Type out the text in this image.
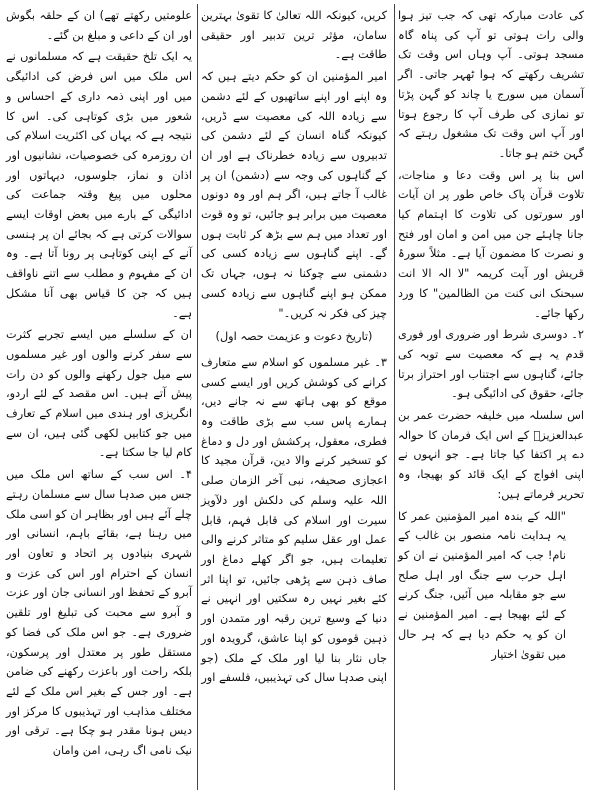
کی عادت مبارکہ تھی کہ جب تیز ہوا والی رات ہوتی تو آپ کی پناہ گاہ مسجد ہوتی۔ آپ وہاں اس وقت تک تشریف رکھتے کہ ہوا ٹھہر جاتی۔ اگر آسمان میں سورج یا چاند کو گہن پڑتا تو نمازی کی طرف آپ کا رجوع ہوتا اور آپ اس وقت تک مشغول رہتے کہ گہن ختم ہو جاتا۔

اس بنا پر اس وقت دعا و مناجات، تلاوت قرآن پاک خاص طور پر ان آیات اور سورتوں کی تلاوت کا اہتمام کیا جانا چاہئے جن میں امن و امان اور فتح و نصرت کا مضمون آیا ہے۔ مثلاً سورۂ قریش اور آیت کریمہ "لا الہ الا انت سبحنک انی کنت من الظالمین" کا ورد رکھا جائے۔

۲۔ دوسری شرط اور ضروری اور فوری قدم یہ ہے کہ معصیت سے توبہ کی جائے، گناہوں سے اجتناب اور احتراز برتا جائے، حقوق کی ادائیگی ہو۔

اس سلسلہ میں خلیفہ حضرت عمر بن عبدالعزیزؒ کے اس ایک فرمان کا حوالہ دے پر اکتفا کیا جاتا ہے۔ جو انہوں نے اپنی افواج کے ایک قائد کو بھیجا، وہ تحریر فرماتے ہیں:

"اللہ کے بندہ امیر المؤمنین عمر کا یہ ہدایت نامہ منصور بن غالب کے نام! جب کہ امیر المؤمنین نے ان کو اہل حرب سے جنگ اور اہل صلح سے جو مقابلہ میں آئیں، جنگ کرنے کے لئے بھیجا ہے۔ امیر المؤمنین نے ان کو یہ حکم دیا ہے کہ ہر حال میں تقویٰ اختیار

کریں، کیونکہ اللہ تعالیٰ کا تقویٰ بہترین سامان، مؤثر ترین تدبیر اور حقیقی طاقت ہے۔

امیر المؤمنین ان کو حکم دیتے ہیں کہ وہ اپنے اور اپنے ساتھیوں کے لئے دشمن سے زیادہ اللہ کی معصیت سے ڈریں، کیونکہ گناہ انسان کے لئے دشمن کی تدبیروں سے زیادہ خطرناک ہے اور ان کے گناہوں کی وجہ سے (دشمن) ان پر غالب آ جاتے ہیں، اگر ہم اور وہ دونوں معصیت میں برابر ہو جائیں، تو وہ قوت اور تعداد میں ہم سے بڑھ کر ثابت ہوں گے۔ اپنے گناہوں سے زیادہ کسی کی دشمنی سے چوکنا نہ ہوں، جہاں تک ممکن ہو اپنے گناہوں سے زیادہ کسی چیز کی فکر نہ کریں۔"

(تاریخ دعوت و عزیمت حصہ اول)

۳۔ غیر مسلموں کو اسلام سے متعارف کرانے کی کوشش کریں اور ایسے کسی موقع کو بھی ہاتھ سے نہ جانے دیں، ہمارے پاس سب سے بڑی طاقت وہ فطری، معقول، پرکشش اور دل و دماغ کو تسخیر کرنے والا دین، قرآن مجید کا اعجازی صحیفہ، نبی آخر الزمان صلی اللہ علیہ وسلم کی دلکش اور دلآویز سیرت اور اسلام کی قابل فہم، قابل عمل اور عقل سلیم کو متاثر کرنے والی تعلیمات ہیں، جو اگر کھلے دماغ اور صاف ذہن سے پڑھی جائیں، تو اپنا اثر کئے بغیر نہیں رہ سکتیں اور انہیں نے دنیا کے وسیع ترین رقبہ اور متمدن اور ذہین قوموں کو اپنا عاشق، گرویدہ اور جاں نثار بنا لیا اور ملک کے ملک (جو اپنی صدہا سال کی تہذیبیں، فلسفے اور

علومتیں رکھتے تھے) ان کے حلقہ بگوش اور ان کے داعی و مبلغ بن گئے۔

یہ ایک تلخ حقیقت ہے کہ مسلمانوں نے اس ملک میں اس فرض کی ادائیگی میں اور اپنی ذمہ داری کے احساس و شعور میں بڑی کوتاہی کی۔ اس کا نتیجہ ہے کہ یہاں کی اکثریت اسلام کی ان روزمرہ کی خصوصیات، نشانیوں اور اذان و نماز، جلوسوں، دیہاتوں اور محلوں میں پیغ وقتہ جماعت کی ادائیگی کے بارے میں بعض اوقات ایسے سوالات کرتی ہے کہ بجائے ان پر ہنسی آنے کے اپنی کوتاہی پر رونا آتا ہے۔ وہ ان کے مفہوم و مطلب سے اتنے ناواقف ہیں کہ جن کا قیاس بھی آنا مشکل ہے۔

ان کے سلسلے میں ایسے تجربے کثرت سے سفر کرنے والوں اور غیر مسلموں سے میل جول رکھنے والوں کو دن رات پیش آتے ہیں۔ اس مقصد کے لئے اردو، انگریزی اور ہندی میں اسلام کے تعارف میں جو کتابیں لکھی گئی ہیں، ان سے کام لیا جا سکتا ہے۔

۴۔ اس سب کے ساتھ اس ملک میں جس میں صدہا سال سے مسلمان رہتے چلے آئے ہیں اور بظاہر ان کو اسی ملک میں رہنا ہے، بقائے باہم، انسانی اور شہری بنیادوں پر اتحاد و تعاون اور انسان کے احترام اور اس کی عزت و آبرو کے تحفظ اور انسانی جان اور عزت و آبرو سے محبت کی تبلیغ اور تلقین ضروری ہے۔ جو اس ملک کی فضا کو مستقل طور پر معتدل اور پرسکون، بلکہ راحت اور باعزت رکھنے کی ضامن ہے۔ اور جس کے بغیر اس ملک کے لئے مختلف مذاہب اور تہذیبوں کا مرکز اور دیس ہونا مقدر ہو چکا ہے۔ ترقی اور نیک نامی اگ رہی، امن وامان
